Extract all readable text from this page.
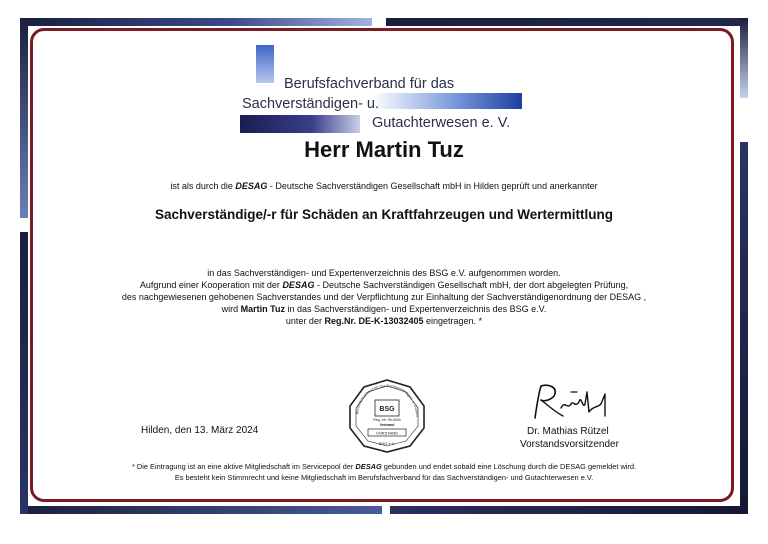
Berufsfachverband für das
Sachverständigen- u.
Gutachterwesen e. V.
Herr Martin Tuz
ist als durch die DESAG - Deutsche Sachverständigen Gesellschaft mbH in Hilden geprüft und anerkannter
Sachverständige/-r für Schäden an Kraftfahrzeugen und Wertermittlung
in das Sachverständigen- und Expertenverzeichnis des BSG e.V. aufgenommen worden.
Aufgrund einer Kooperation mit der DESAG - Deutsche Sachverständigen Gesellschaft mbH, der dort abgelegten Prüfung,
des nachgewiesenen gehobenen Sachverstandes und der Verpflichtung zur Einhaltung der Sachverständigenordnung der DESAG ,
wird Martin Tuz in das Sachverständigen- und Expertenverzeichnis des BSG e.V.
unter der Reg.Nr. DE-K-13032405 eingetragen. *
Hilden, den 13. März 2024
Berufsfachverband für das Sachverständigen- u. Gutach
BSG
Reg.-Nr. 99-0000
Verband
VORSTAND
BSG e.V.
Dr. Mathias Rützel
Vorstandsvorsitzender
* Die Eintragung ist an eine aktive Mitgliedschaft im Servicepool der DESAG gebunden und endet sobald eine Löschung durch die DESAG gemeldet wird.
Es besteht kein Stimmrecht und keine Mitgliedschaft im Berufsfachverband für das Sachverständigen- und Gutachterwesen e.V.
